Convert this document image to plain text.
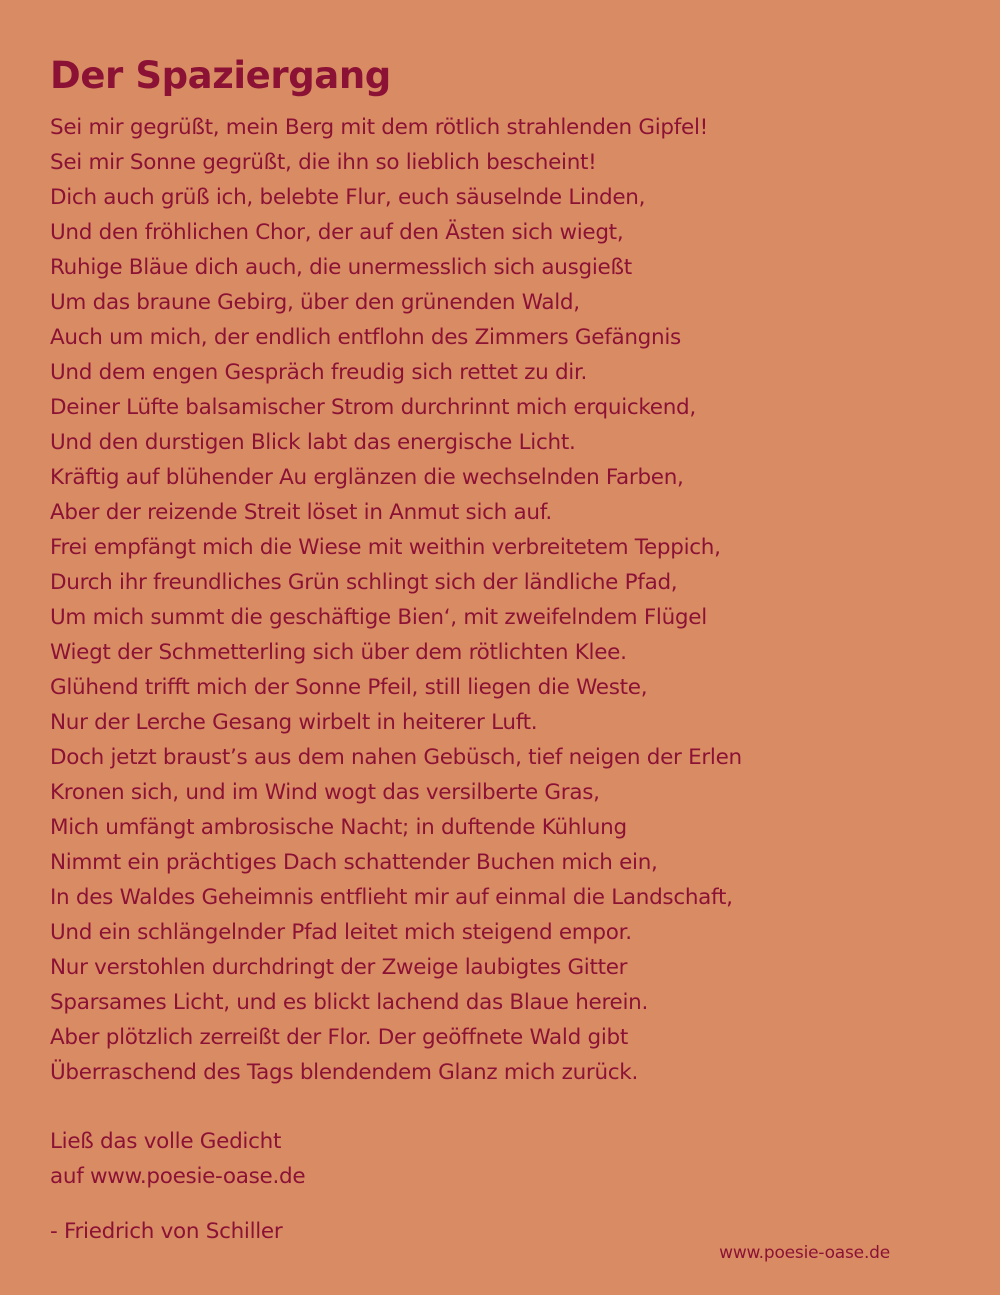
Der Spaziergang
Sei mir gegrüßt, mein Berg mit dem rötlich strahlenden Gipfel!
Sei mir Sonne gegrüßt, die ihn so lieblich bescheint!
Dich auch grüß ich, belebte Flur, euch säuselnde Linden,
Und den fröhlichen Chor, der auf den Ästen sich wiegt,
Ruhige Bläue dich auch, die unermesslich sich ausgießt
Um das braune Gebirg, über den grünenden Wald,
Auch um mich, der endlich entflohn des Zimmers Gefängnis
Und dem engen Gespräch freudig sich rettet zu dir.
Deiner Lüfte balsamischer Strom durchrinnt mich erquickend,
Und den durstigen Blick labt das energische Licht.
Kräftig auf blühender Au erglänzen die wechselnden Farben,
Aber der reizende Streit löset in Anmut sich auf.
Frei empfängt mich die Wiese mit weithin verbreitetem Teppich,
Durch ihr freundliches Grün schlingt sich der ländliche Pfad,
Um mich summt die geschäftige Bien‘, mit zweifelndem Flügel
Wiegt der Schmetterling sich über dem rötlichten Klee.
Glühend trifft mich der Sonne Pfeil, still liegen die Weste,
Nur der Lerche Gesang wirbelt in heiterer Luft.
Doch jetzt braust’s aus dem nahen Gebüsch, tief neigen der Erlen
Kronen sich, und im Wind wogt das versilberte Gras,
Mich umfängt ambrosische Nacht; in duftende Kühlung
Nimmt ein prächtiges Dach schattender Buchen mich ein,
In des Waldes Geheimnis entflieht mir auf einmal die Landschaft,
Und ein schlängelnder Pfad leitet mich steigend empor.
Nur verstohlen durchdringt der Zweige laubigtes Gitter
Sparsames Licht, und es blickt lachend das Blaue herein.
Aber plötzlich zerreißt der Flor. Der geöffnete Wald gibt
Überraschend des Tags blendendem Glanz mich zurück.
Ließ das volle Gedicht
auf www.poesie-oase.de
- Friedrich von Schiller
www.poesie-oase.de
